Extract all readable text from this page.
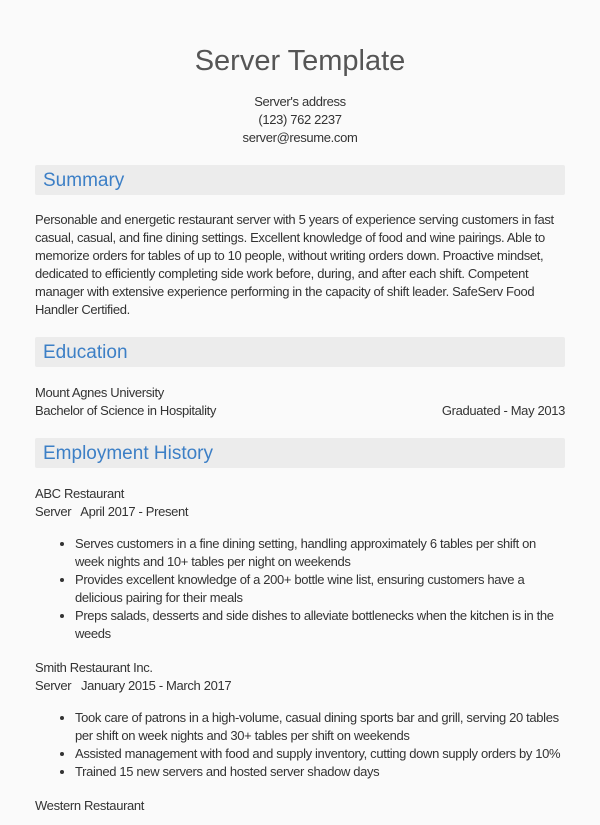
Server Template
Server's address
(123) 762 2237
server@resume.com
Summary
Personable and energetic restaurant server with 5 years of experience serving customers in fast casual, casual, and fine dining settings. Excellent knowledge of food and wine pairings. Able to memorize orders for tables of up to 10 people, without writing orders down. Proactive mindset, dedicated to efficiently completing side work before, during, and after each shift. Competent manager with extensive experience performing in the capacity of shift leader. SafeServ Food Handler Certified.
Education
Mount Agnes University
Bachelor of Science in Hospitality	Graduated - May 2013
Employment History
ABC Restaurant
Server   April 2017 - Present
• Serves customers in a fine dining setting, handling approximately 6 tables per shift on week nights and 10+ tables per night on weekends
• Provides excellent knowledge of a 200+ bottle wine list, ensuring customers have a delicious pairing for their meals
• Preps salads, desserts and side dishes to alleviate bottlenecks when the kitchen is in the weeds
Smith Restaurant Inc.
Server   January 2015 - March 2017
• Took care of patrons in a high-volume, casual dining sports bar and grill, serving 20 tables per shift on week nights and 30+ tables per shift on weekends
• Assisted management with food and supply inventory, cutting down supply orders by 10%
• Trained 15 new servers and hosted server shadow days
Western Restaurant
